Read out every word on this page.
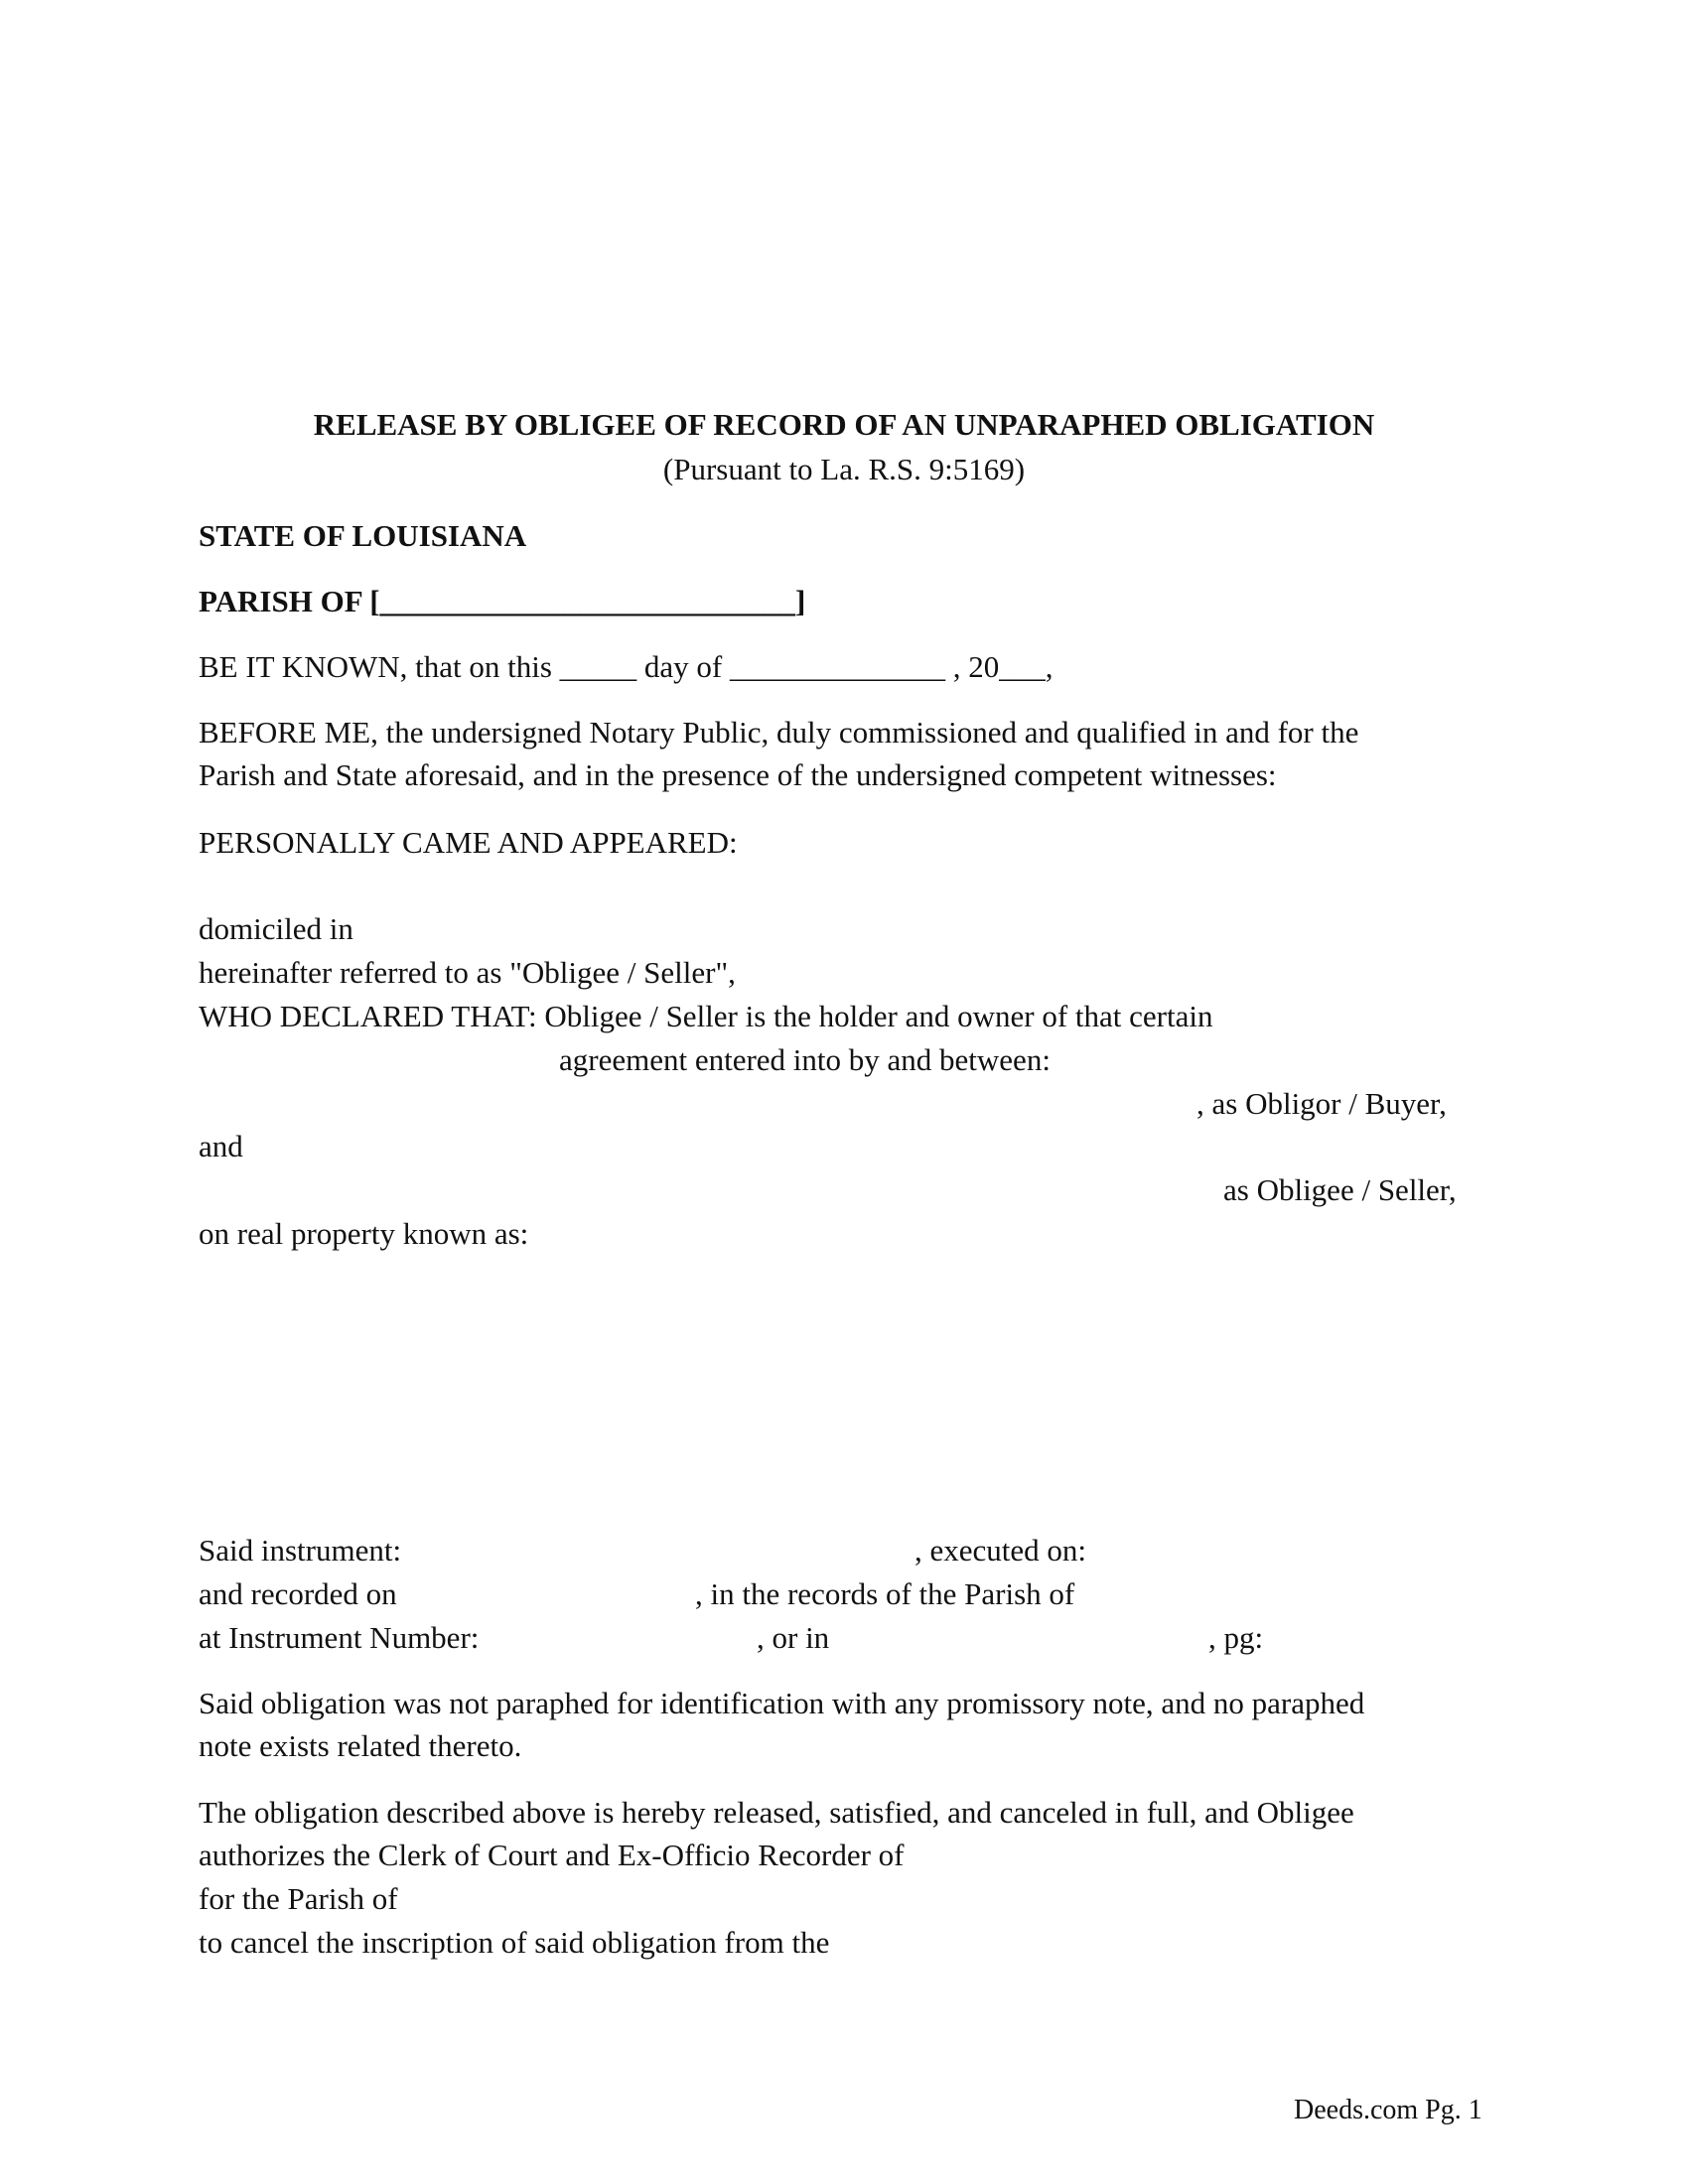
RELEASE BY OBLIGEE OF RECORD OF AN UNPARAPHED OBLIGATION
(Pursuant to La. R.S. 9:5169)
STATE OF LOUISIANA
PARISH OF [___________________________]
BE IT KNOWN, that on this _____ day of ______________ , 20___,
BEFORE ME, the undersigned Notary Public, duly commissioned and qualified in and for the
Parish and State aforesaid, and in the presence of the undersigned competent witnesses:
PERSONALLY CAME AND APPEARED:
domiciled in
hereinafter referred to as "Obligee / Seller",
WHO DECLARED THAT: Obligee / Seller is the holder and owner of that certain
agreement entered into by and between:
, as Obligor / Buyer,
and
as Obligee / Seller,
on real property known as:
Said instrument:	, executed on:
and recorded on	, in the records of the Parish of
at Instrument Number:	, or in	, pg:
Said obligation was not paraphed for identification with any promissory note, and no paraphed
note exists related thereto.
The obligation described above is hereby released, satisfied, and canceled in full, and Obligee
authorizes the Clerk of Court and Ex-Officio Recorder of
for the Parish of
to cancel the inscription of said obligation from the
Deeds.com Pg. 1
